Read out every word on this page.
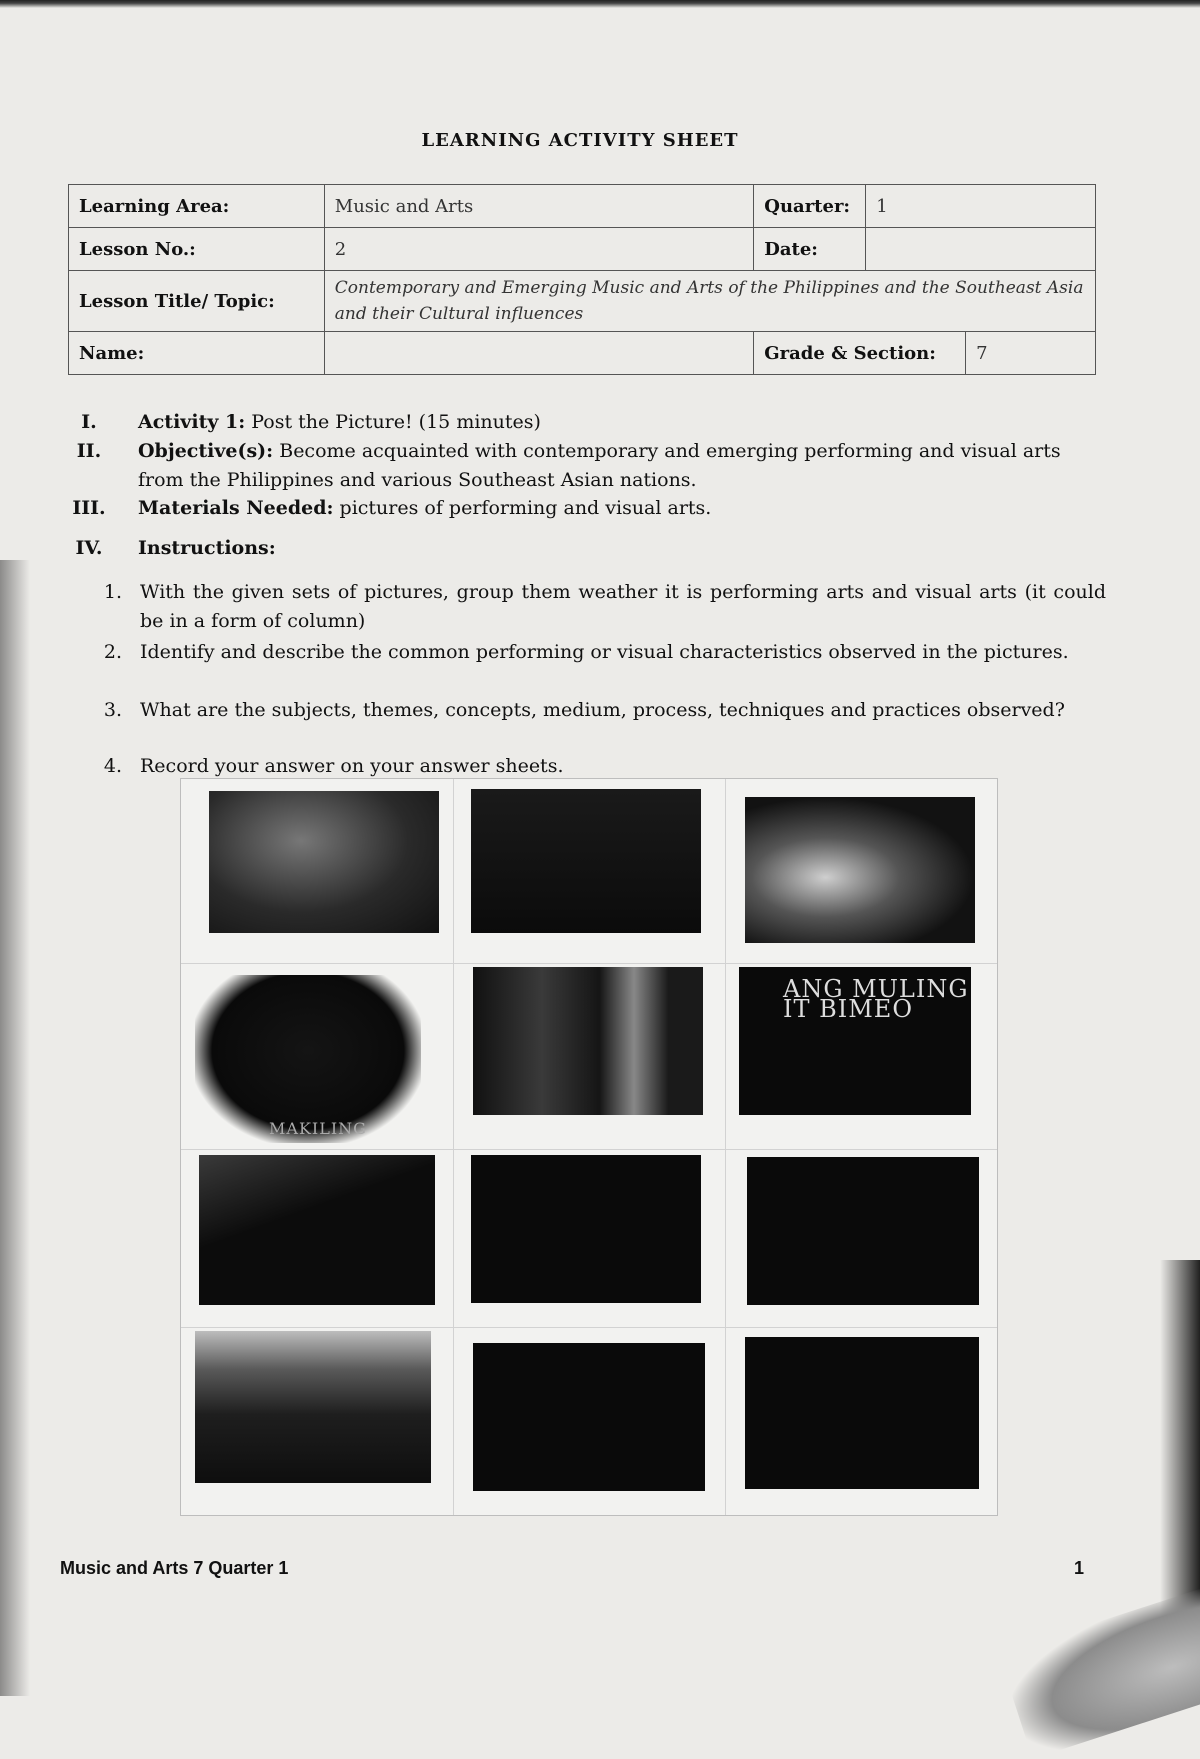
LEARNING ACTIVITY SHEET
Learning Area:	Music and Arts	Quarter:	1	
Lesson No.:	2	Date:		
Lesson Title/ Topic:	Contemporary and Emerging Music and Arts of the Philippines and the Southeast Asia and their Cultural influences			
Name:		Grade & Section:		7
I.	Activity 1: Post the Picture! (15 minutes)
II.	Objective(s): Become acquainted with contemporary and emerging performing and visual arts from the Philippines and various Southeast Asian nations.
III.	Materials Needed: pictures of performing and visual arts.
IV.	Instructions:
1. With the given sets of pictures, group them weather it is performing arts and visual arts (it could be in a form of column)
2. Identify and describe the common performing or visual characteristics observed in the pictures.
3. What are the subjects, themes, concepts, medium, process, techniques and practices observed?
4. Record your answer on your answer sheets.
MAKILING
ANG MULING
IT BIMEO
Music and Arts 7 Quarter 1	1
